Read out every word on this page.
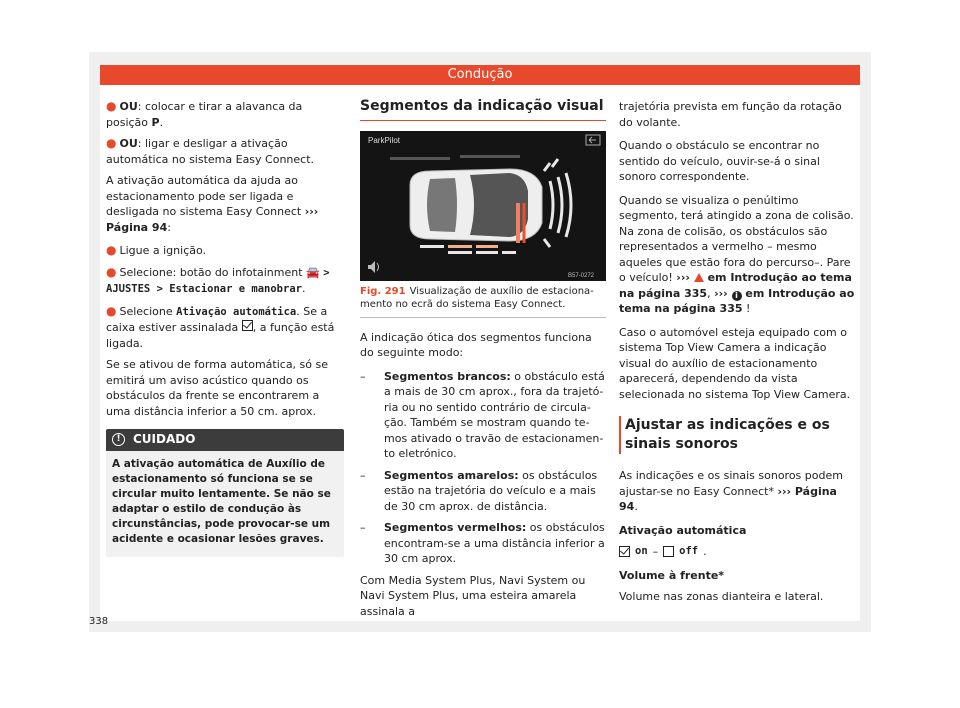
Condução
● OU: colocar e tirar a alavanca da posição P.
● OU: ligar e desligar a ativação automática no sistema Easy Connect.

A ativação automática da ajuda ao estacionamento pode ser ligada e desligada no sistema Easy Connect ››› Página 94:

● Ligue a ignição.
● Selecione: botão do infotainment 🚘 > AJUSTES > Estacionar e manobrar.
● Selecione Ativação automática. Se a caixa estiver assinalada , a função está ligada.

Se se ativou de forma automática, só se emitirá um aviso acústico quando os obstáculos da frente se encontrarem a uma distância inferior a 50 cm. aprox.

!	CUIDADO
A ativação automática de Auxílio de estacionamento só funciona se se circular muito lentamente. Se não se adaptar o estilo de condução às circunstâncias, pode provocar-se um acidente e ocasionar lesões graves.
Segmentos da indicação visual
ParkPilot
B57-0272
Fig. 291 Visualização de auxílio de estacionamento no ecrã do sistema Easy Connect.

A indicação ótica dos segmentos funciona do seguinte modo:

–	Segmentos brancos: o obstáculo está a mais de 30 cm aprox., fora da trajetória ou no sentido contrário de circulação. Também se mostram quando temos ativado o travão de estacionamento eletrónico.
–	Segmentos amarelos: os obstáculos estão na trajetória do veículo e a mais de 30 cm aprox. de distância.
–	Segmentos vermelhos: os obstáculos encontram-se a uma distância inferior a 30 cm aprox.

Com Media System Plus, Navi System ou Navi System Plus, uma esteira amarela assinala a

trajetória prevista em função da rotação do volante.

Quando o obstáculo se encontrar no sentido do veículo, ouvir-se-á o sinal sonoro correspondente.

Quando se visualiza o penúltimo segmento, terá atingido a zona de colisão. Na zona de colisão, os obstáculos são representados a vermelho – mesmo aqueles que estão fora do percurso–. Pare o veículo! ›››  em Introdução ao tema na página 335, ››› i em Introdução ao tema na página 335 !

Caso o automóvel esteja equipado com o sistema Top View Camera a indicação visual do auxílio de estacionamento aparecerá, dependendo da vista selecionada no sistema Top View Camera.

Ajustar as indicações e os sinais sonoros

As indicações e os sinais sonoros podem ajustar-se no Easy Connect* ››› Página 94.

Ativação automática
on – off .
Volume à frente*

Volume nas zonas dianteira e lateral.

338
